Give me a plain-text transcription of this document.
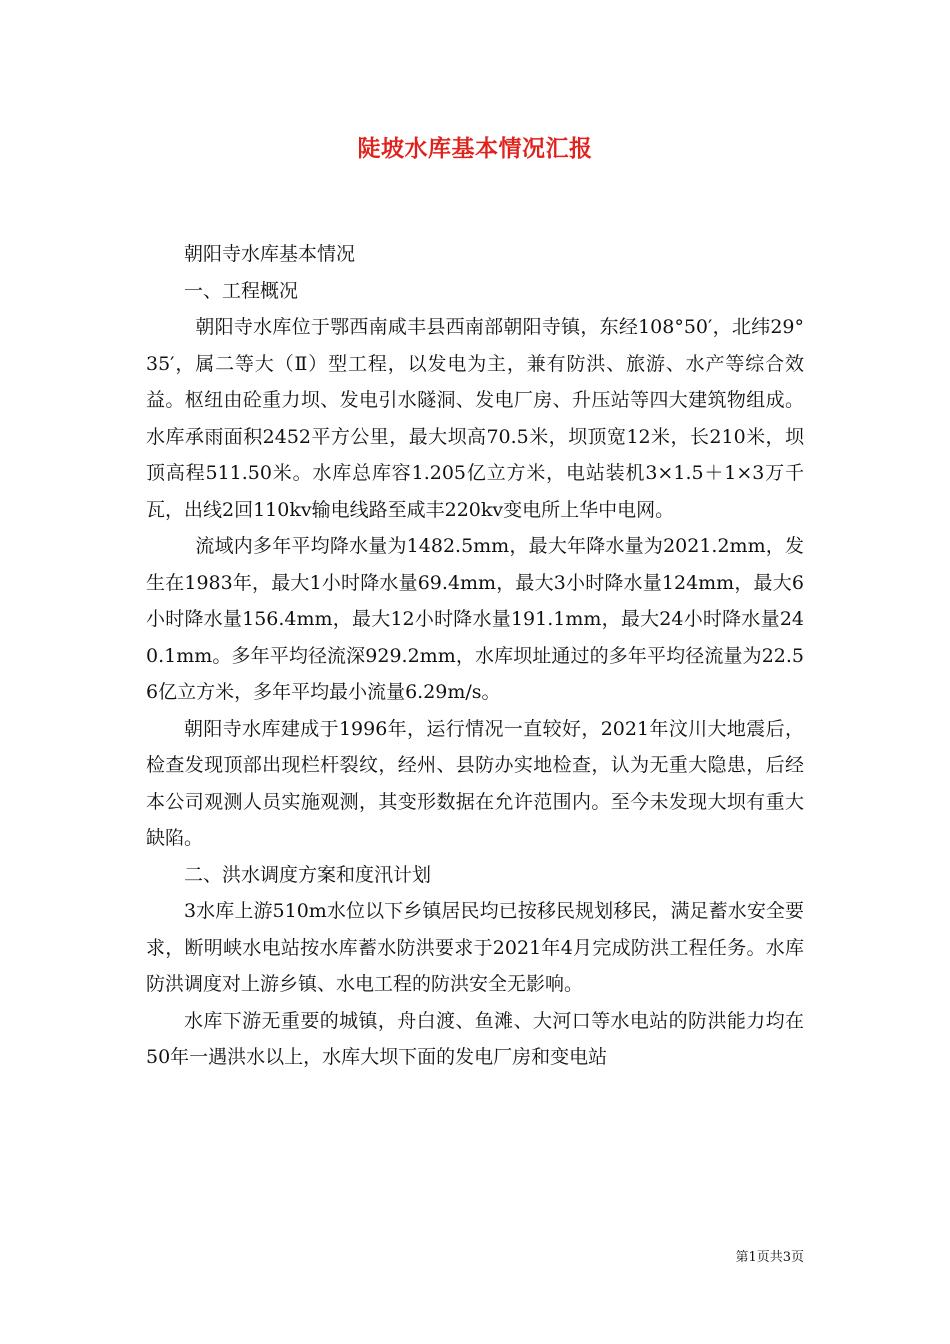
陡坡水库基本情况汇报

朝阳寺水库基本情况

一、工程概况

朝阳寺水库位于鄂西南咸丰县西南部朝阳寺镇，东经108°50′，北纬29°35′，属二等大（Ⅱ）型工程，以发电为主，兼有防洪、旅游、水产等综合效益。枢纽由砼重力坝、发电引水隧洞、发电厂房、升压站等四大建筑物组成。水库承雨面积2452平方公里，最大坝高70.5米，坝顶宽12米，长210米，坝顶高程511.50米。水库总库容1.205亿立方米，电站装机3×1.5＋1×3万千瓦，出线2回110kv输电线路至咸丰220kv变电所上华中电网。

流域内多年平均降水量为1482.5mm，最大年降水量为2021.2mm，发生在1983年，最大1小时降水量69.4mm，最大3小时降水量124mm，最大6小时降水量156.4mm，最大12小时降水量191.1mm，最大24小时降水量240.1mm。多年平均径流深929.2mm，水库坝址通过的多年平均径流量为22.56亿立方米，多年平均最小流量6.29m/s。

朝阳寺水库建成于1996年，运行情况一直较好，2021年汶川大地震后，检查发现顶部出现栏杆裂纹，经州、县防办实地检查，认为无重大隐患，后经本公司观测人员实施观测，其变形数据在允许范围内。至今未发现大坝有重大缺陷。

二、洪水调度方案和度汛计划

3水库上游510m水位以下乡镇居民均已按移民规划移民，满足蓄水安全要求，断明峡水电站按水库蓄水防洪要求于2021年4月完成防洪工程任务。水库防洪调度对上游乡镇、水电工程的防洪安全无影响。

水库下游无重要的城镇，舟白渡、鱼滩、大河口等水电站的防洪能力均在50年一遇洪水以上，水库大坝下面的发电厂房和变电站

第1页共3页
